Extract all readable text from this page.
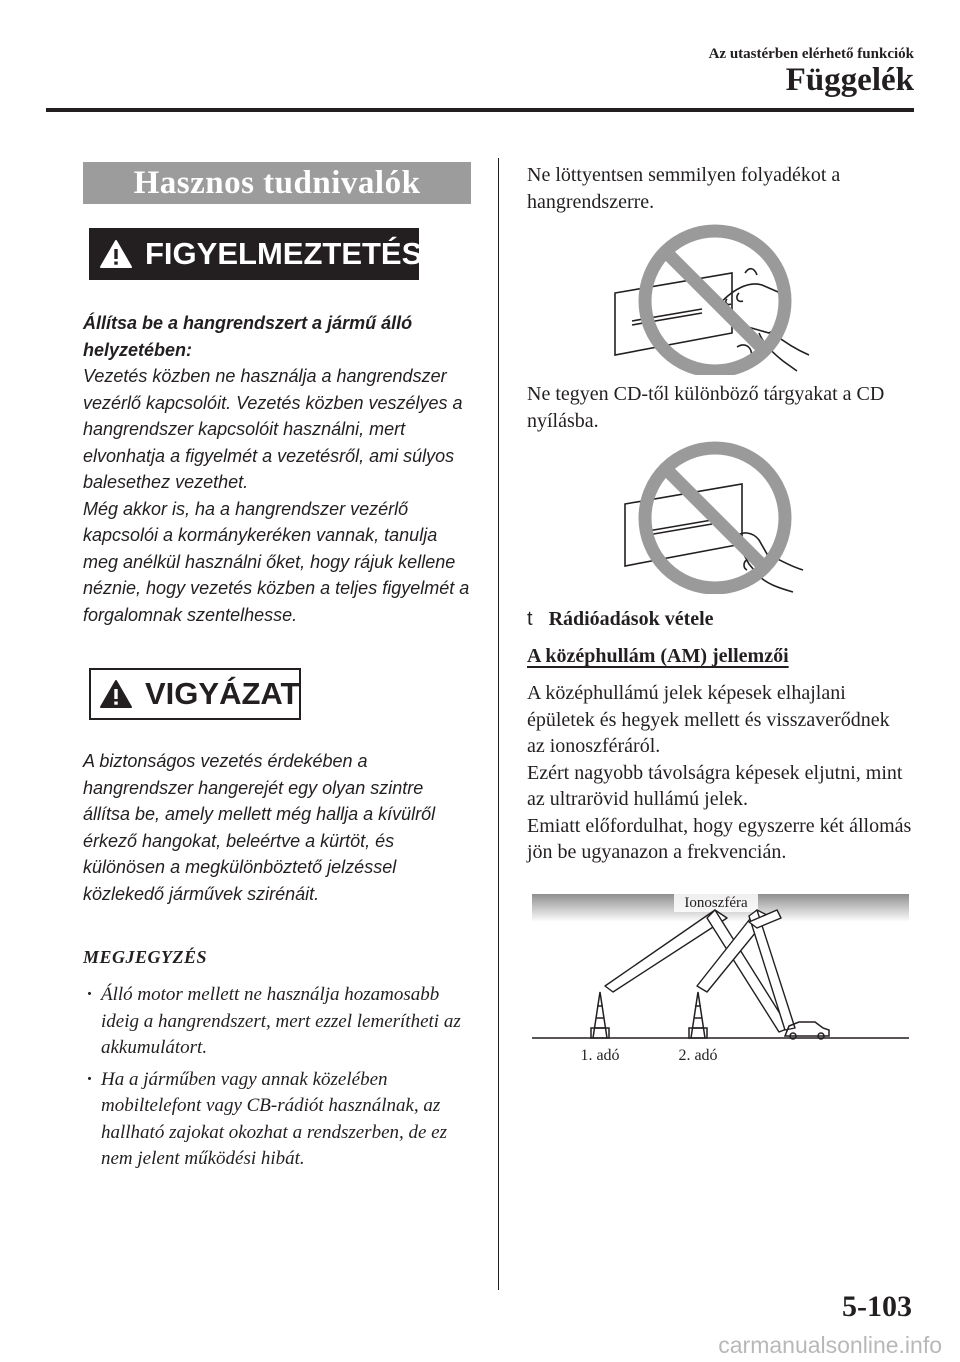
Az utastérben elérhető funkciók
Függelék
Hasznos tudnivalók
FIGYELMEZTETÉS

Állítsa be a hangrendszert a jármű álló helyzetében:

Vezetés közben ne használja a hangrendszer vezérlő kapcsolóit. Vezetés közben veszélyes a hangrendszer kapcsolóit használni, mert elvonhatja a figyelmét a vezetésről, ami súlyos balesethez vezethet.

Még akkor is, ha a hangrendszer vezérlő kapcsolói a kormánykeréken vannak, tanulja meg anélkül használni őket, hogy rájuk kellene néznie, hogy vezetés közben a teljes figyelmét a forgalomnak szentelhesse.

VIGYÁZAT

A biztonságos vezetés érdekében a hangrendszer hangerejét egy olyan szintre állítsa be, amely mellett még hallja a kívülről érkező hangokat, beleértve a kürtöt, és különösen a megkülönböztető jelzéssel közlekedő járművek szirénáit.

MEGJEGYZÉS
· Álló motor mellett ne használja hozamosabb ideig a hangrendszert, mert ezzel lemerítheti az akkumulátort.
· Ha a járműben vagy annak közelében mobiltelefont vagy CB-rádiót használnak, az hallható zajokat okozhat a rendszerben, de ez nem jelent működési hibát.

Ne löttyentsen semmilyen folyadékot a hangrendszerre.

Ne tegyen CD-től különböző tárgyakat a CD nyílásba.

t Rádióadások vétele
A középhullám (AM) jellemzői

A középhullámú jelek képesek elhajlani épületek és hegyek mellett és visszaverődnek az ionoszféráról.

Ezért nagyobb távolságra képesek eljutni, mint az ultrarövid hullámú jelek.

Emiatt előfordulhat, hogy egyszerre két állomás jön be ugyanazon a frekvencián.

Ionoszféra
1. adó	2. adó
5-103
carmanualsonline.info
